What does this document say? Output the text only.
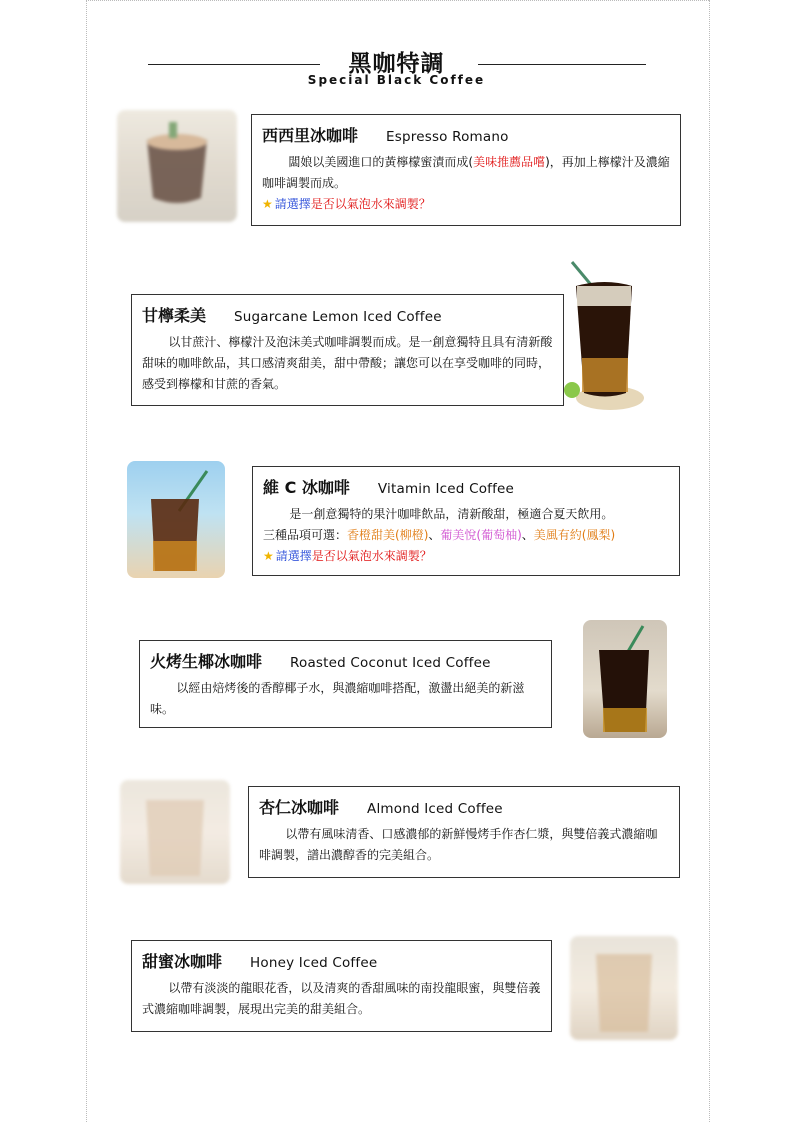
黑咖特調
Special Black Coffee
西西里冰咖啡 Espresso Romano
闆娘以美國進口的黃檸檬蜜漬而成(美味推薦品嚐)，再加上檸檬汁及濃縮咖啡調製而成。
★ 請選擇是否以氣泡水來調製？
甘檸柔美 Sugarcane Lemon Iced Coffee
以甘蔗汁、檸檬汁及泡沫美式咖啡調製而成。是一創意獨特且具有清新酸甜味的咖啡飲品，其口感清爽甜美，甜中帶酸；讓您可以在享受咖啡的同時，感受到檸檬和甘蔗的香氣。
維 C 冰咖啡 Vitamin Iced Coffee
是一創意獨特的果汁咖啡飲品，清新酸甜，極適合夏天飲用。
三種品項可選：香橙甜美(柳橙)、葡美悅(葡萄柚)、美風有約(鳳梨)
★ 請選擇是否以氣泡水來調製？
火烤生椰冰咖啡 Roasted Coconut Iced Coffee
以經由焙烤後的香醇椰子水，與濃縮咖啡搭配，激盪出絕美的新滋味。
杏仁冰咖啡 Almond Iced Coffee
以帶有風味清香、口感濃郁的新鮮慢烤手作杏仁漿，與雙倍義式濃縮咖啡調製，譜出濃醇香的完美組合。
甜蜜冰咖啡 Honey Iced Coffee
以帶有淡淡的龍眼花香，以及清爽的香甜風味的南投龍眼蜜，與雙倍義式濃縮咖啡調製，展現出完美的甜美組合。
